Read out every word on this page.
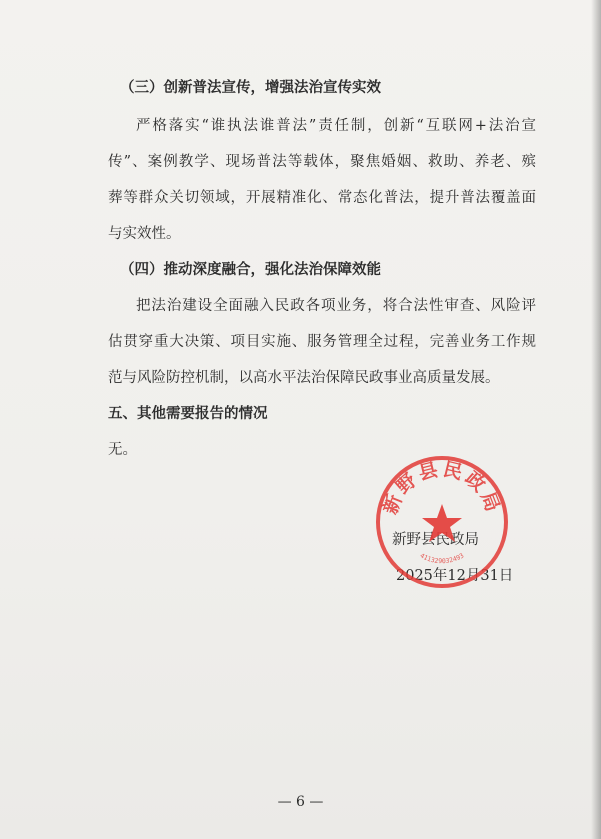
（三）创新普法宣传，增强法治宣传实效
严格落实“谁执法谁普法”责任制，创新“互联网+法治宣
传”、案例教学、现场普法等载体，聚焦婚姻、救助、养老、殡
葬等群众关切领域，开展精准化、常态化普法，提升普法覆盖面
与实效性。
（四）推动深度融合，强化法治保障效能
把法治建设全面融入民政各项业务，将合法性审查、风险评
估贯穿重大决策、项目实施、服务管理全过程，完善业务工作规
范与风险防控机制，以高水平法治保障民政事业高质量发展。
五、其他需要报告的情况
无。
新野县民政局
2025年12月31日
新野县民政局
411329032493
— 6 —
